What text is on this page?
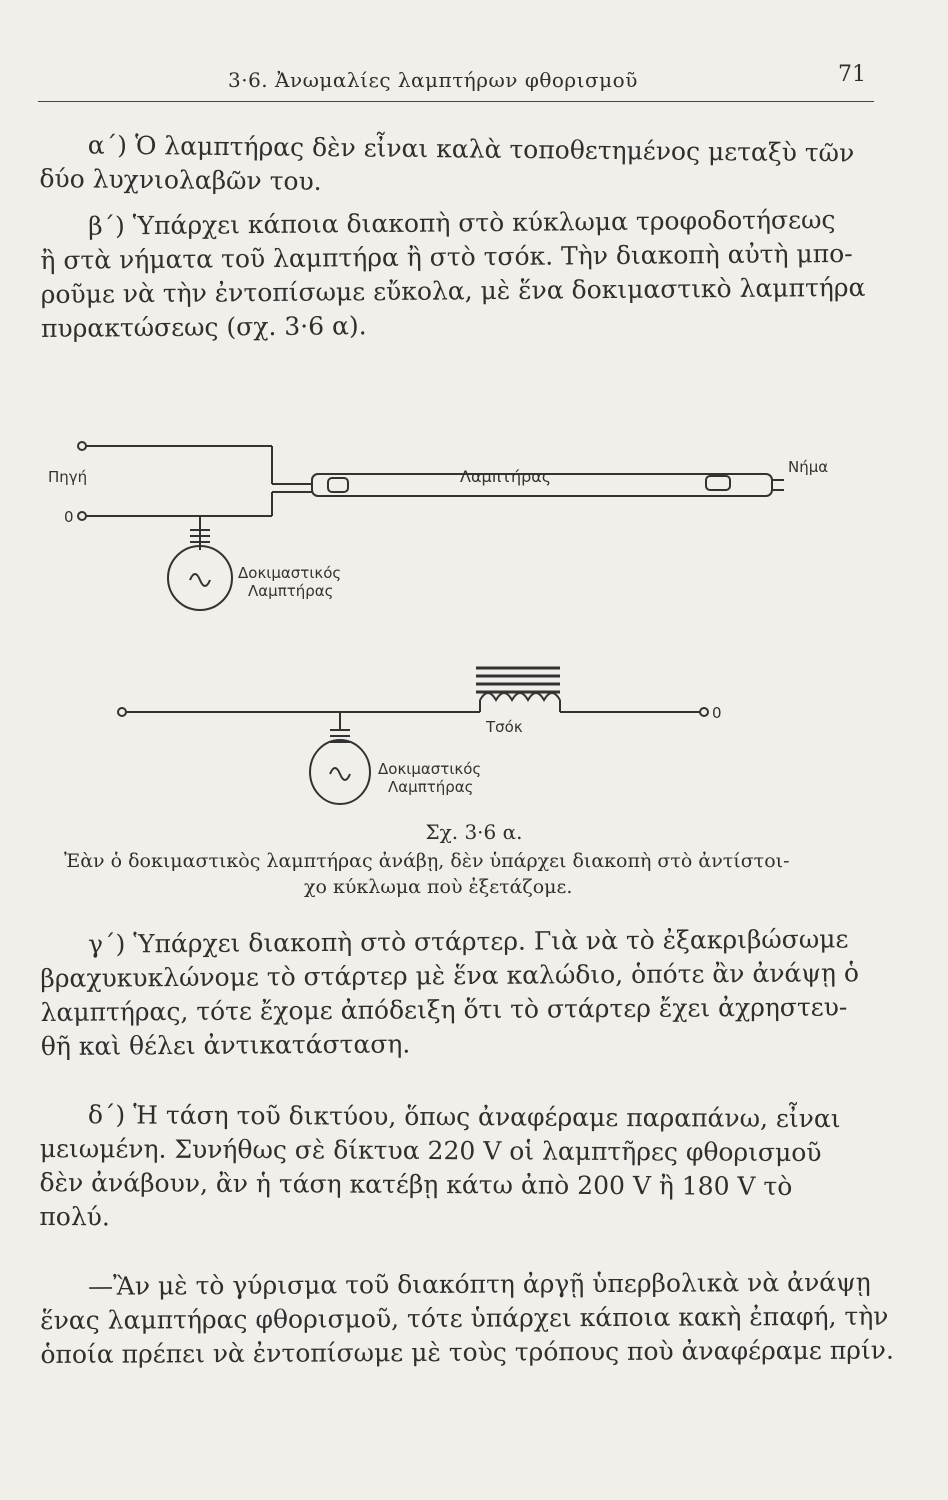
3·6. Ἀνωμαλίες λαμπτήρων φθορισμοῦ	71
α΄) Ὁ λαμπτήρας δὲν εἶναι καλὰ τοποθετημένος μεταξὺ τῶν
δύο λυχνιολαβῶν του.
β΄) Ὑπάρχει κάποια διακοπὴ στὸ κύκλωμα τροφοδοτήσεως
ἢ στὰ νήματα τοῦ λαμπτήρα ἢ στὸ τσόκ. Τὴν διακοπὴ αὐτὴ μπο-
ροῦμε νὰ τὴν ἐντοπίσωμε εὔκολα, μὲ ἕνα δοκιμαστικὸ λαμπτήρα
πυρακτώσεως (σχ. 3·6 α).
Πηγή
0
Λαμπτήρας	Νήμα
Δοκιμαστικός
Λαμπτήρας
0
Τσόκ
Δοκιμαστικός
Λαμπτήρας
Σχ. 3·6 α.
Ἐὰν ὁ δοκιμαστικὸς λαμπτήρας ἀνάβῃ, δὲν ὑπάρχει διακοπὴ στὸ ἀντίστοι-
χο κύκλωμα ποὺ ἐξετάζομε.
γ΄) Ὑπάρχει διακοπὴ στὸ στάρτερ. Γιὰ νὰ τὸ ἐξακριβώσωμε
βραχυκυκλώνομε τὸ στάρτερ μὲ ἕνα καλώδιο, ὁπότε ἂν ἀνάψῃ ὁ
λαμπτήρας, τότε ἔχομε ἀπόδειξη ὅτι τὸ στάρτερ ἔχει ἀχρηστευ-
θῆ καὶ θέλει ἀντικατάσταση.
δ΄) Ἡ τάση τοῦ δικτύου, ὅπως ἀναφέραμε παραπάνω, εἶναι
μειωμένη. Συνήθως σὲ δίκτυα 220 V οἱ λαμπτῆρες φθορισμοῦ
δὲν ἀνάβουν, ἂν ἡ τάση κατέβῃ κάτω ἀπὸ 200 V ἢ 180 V τὸ
πολύ.
—Ἂν μὲ τὸ γύρισμα τοῦ διακόπτη ἀργῇ ὑπερβολικὰ νὰ ἀνάψῃ
ἕνας λαμπτήρας φθορισμοῦ, τότε ὑπάρχει κάποια κακὴ ἐπαφή, τὴν
ὁποία πρέπει νὰ ἐντοπίσωμε μὲ τοὺς τρόπους ποὺ ἀναφέραμε πρίν.
